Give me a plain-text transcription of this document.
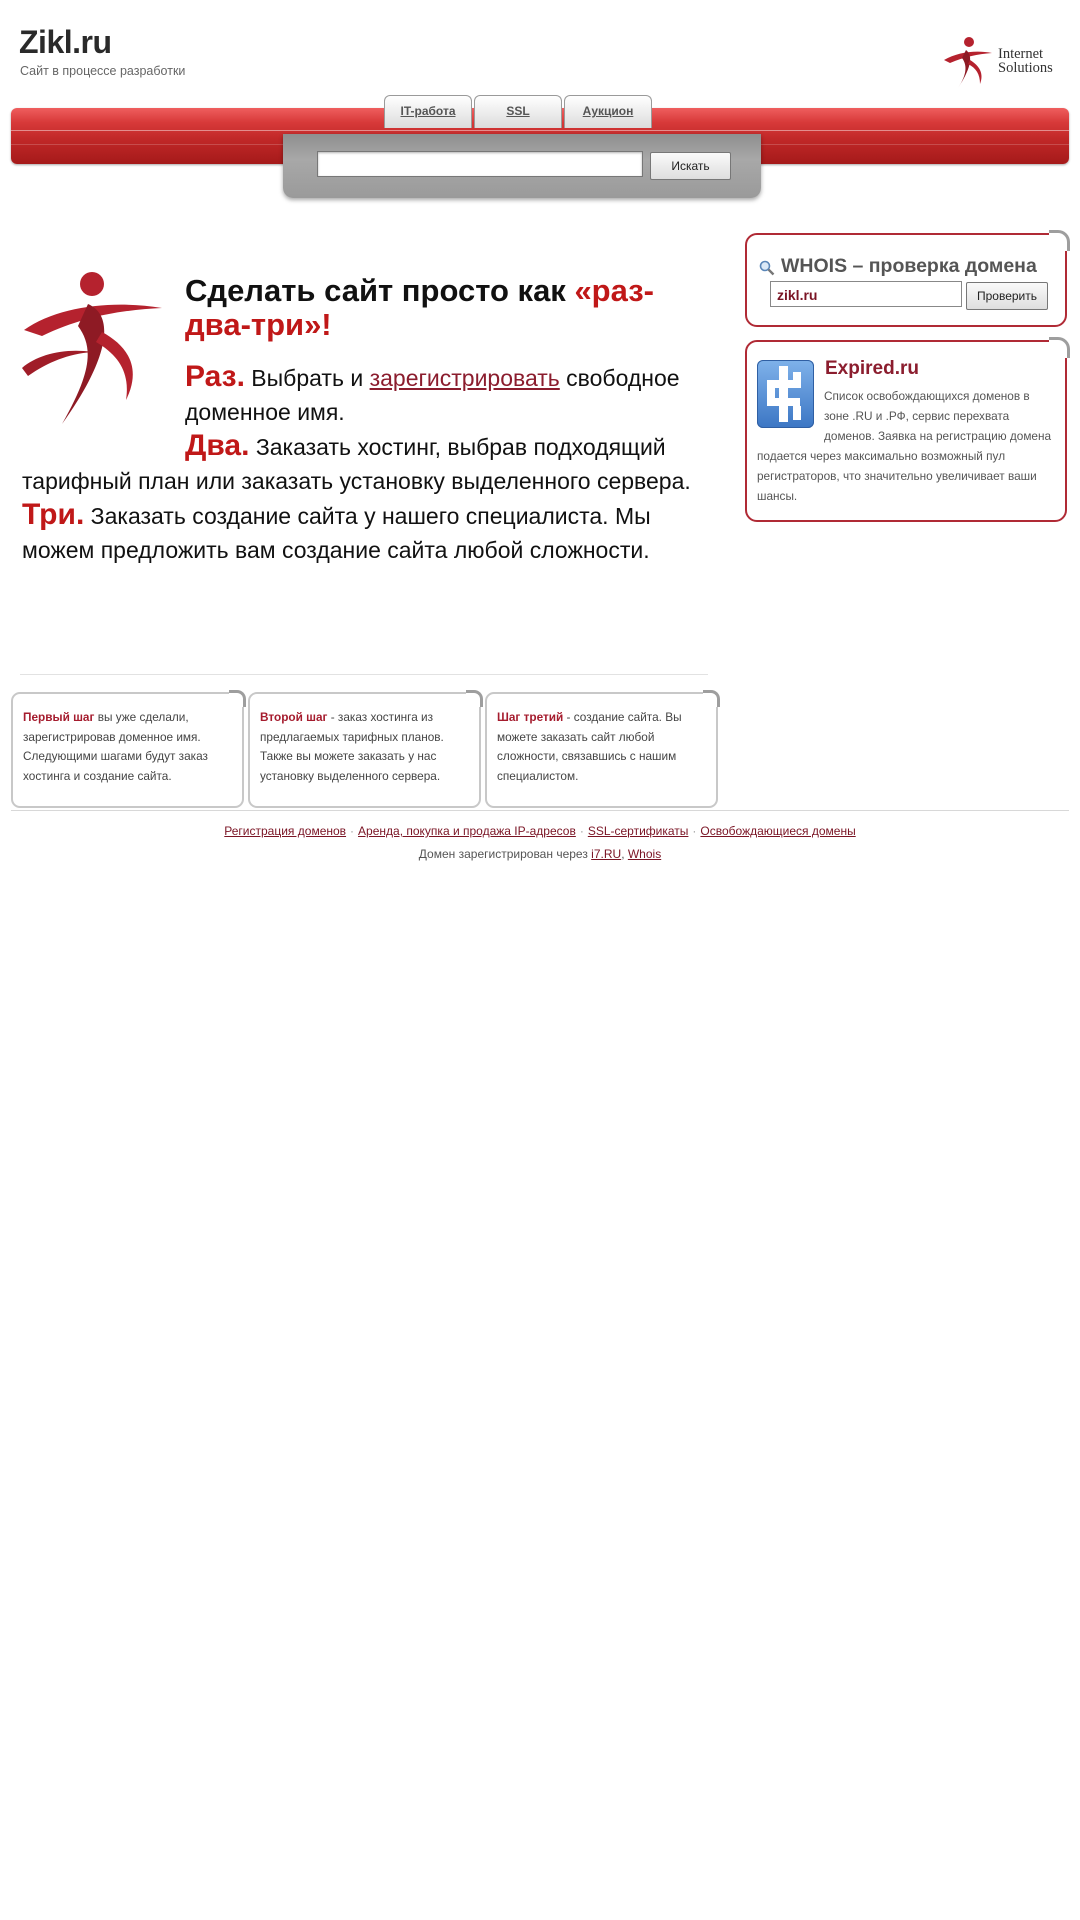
Zikl.ru
Сайт в процессе разработки
Internet
Solutions
IT-работа	SSL	Аукцион
Искать
Сделать сайт просто как «раз-два-три»!
Раз. Выбрать и зарегистрировать свободное доменное имя.
Два. Заказать хостинг, выбрав подходящий тарифный план или заказать установку выделенного сервера.
Три. Заказать создание сайта у нашего специалиста. Мы можем предложить вам создание сайта любой сложности.
Первый шаг вы уже сделали, зарегистрировав доменное имя. Следующими шагами будут заказ хостинга и создание сайта.
Второй шаг - заказ хостинга из предлагаемых тарифных планов. Также вы можете заказать у нас установку выделенного сервера.
Шаг третий - создание сайта. Вы можете заказать сайт любой сложности, связавшись с нашим специалистом.
WHOIS – проверка домена
zikl.ru	Проверить
Expired.ru
Список освобождающихся доменов в зоне .RU и .РФ, сервис перехвата доменов. Заявка на регистрацию домена подается через максимально возможный пул регистраторов, что значительно увеличивает ваши шансы.
Регистрация доменов · Аренда, покупка и продажа IP-адресов · SSL-сертификаты · Освобождающиеся домены
Домен зарегистрирован через i7.RU, Whois
